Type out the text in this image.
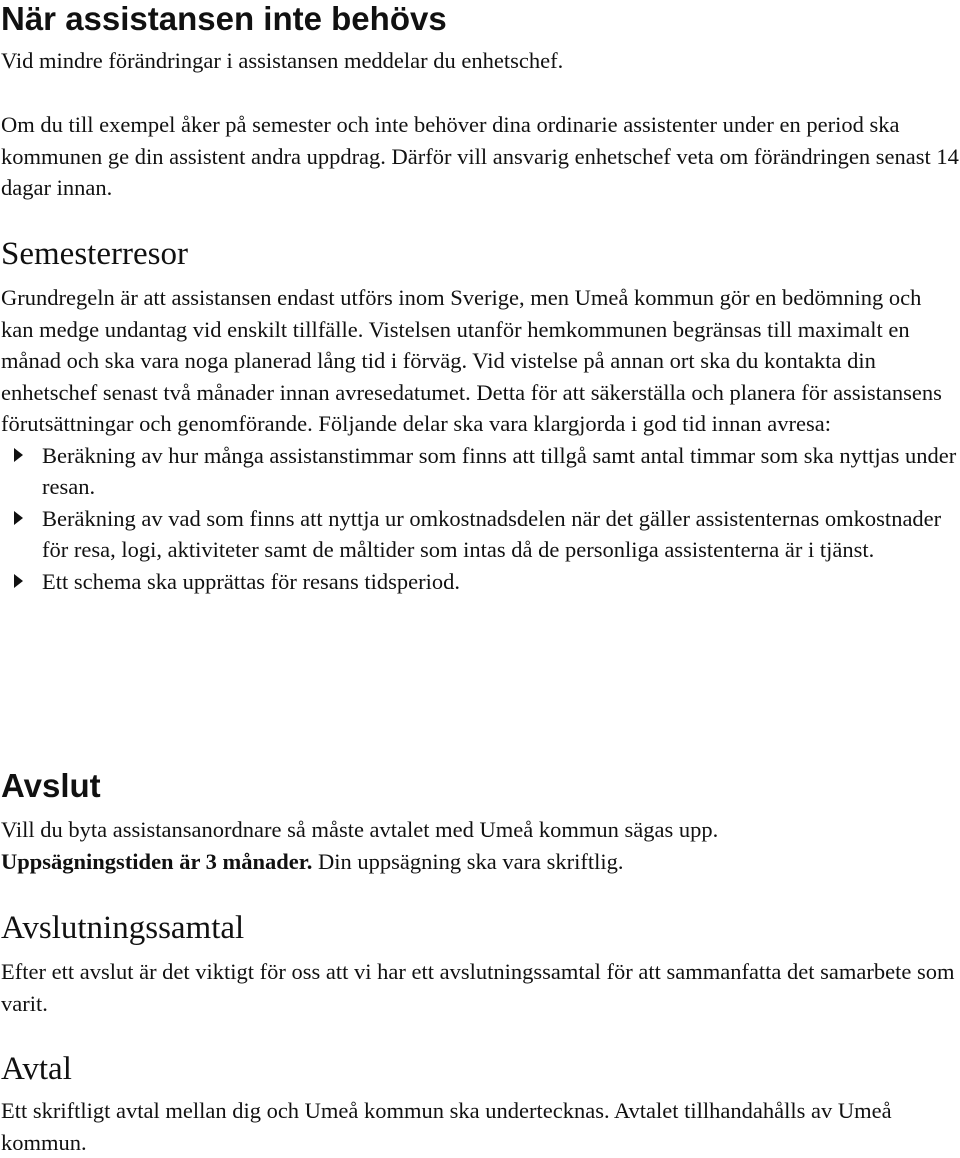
När assistansen inte behövs

Vid mindre förändringar i assistansen meddelar du enhetschef.

Om du till exempel åker på semester och inte behöver dina ordinarie assistenter under en period ska kommunen ge din assistent andra uppdrag. Därför vill ansvarig enhetschef veta om förändringen senast 14 dagar innan.

Semesterresor

Grundregeln är att assistansen endast utförs inom Sverige, men Umeå kommun gör en bedömning och kan medge undantag vid enskilt tillfälle. Vistelsen utanför hemkommunen begränsas till maximalt en månad och ska vara noga planerad lång tid i förväg. Vid vistelse på annan ort ska du kontakta din enhetschef senast två månader innan avresedatumet. Detta för att säkerställa och planera för assistansens förutsättningar och genomförande. Följande delar ska vara klargjorda i god tid innan avresa:

Beräkning av hur många assistanstimmar som finns att tillgå samt antal timmar som ska nyttjas under resan.
Beräkning av vad som finns att nyttja ur omkostnadsdelen när det gäller assistenternas omkostnader för resa, logi, aktiviteter samt de måltider som intas då de personliga assistenterna är i tjänst.
Ett schema ska upprättas för resans tidsperiod.
Avslut

Vill du byta assistansanordnare så måste avtalet med Umeå kommun sägas upp.

Uppsägningstiden är 3 månader. Din uppsägning ska vara skriftlig.

Avslutningssamtal

Efter ett avslut är det viktigt för oss att vi har ett avslutningssamtal för att sammanfatta det samarbete som varit.

Avtal

Ett skriftligt avtal mellan dig och Umeå kommun ska undertecknas. Avtalet tillhandahålls av Umeå kommun.
